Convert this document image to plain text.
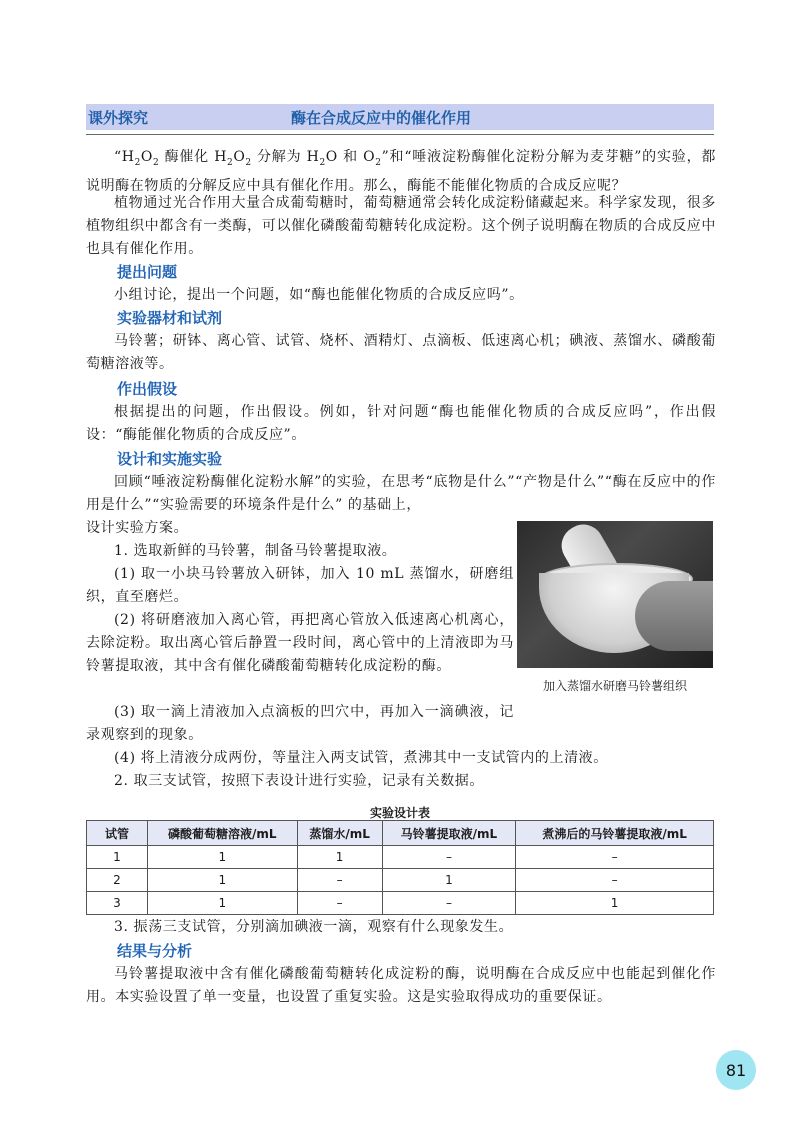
课外探究	酶在合成反应中的催化作用
“$H_2O_2$ 酶催化 $H_2O_2$ 分解为 $H_2O$ 和 $O_2$”和“唾液淀粉酶催化淀粉分解为麦芽糖”的实验，都说明酶在物质的分解反应中具有催化作用。那么，酶能不能催化物质的合成反应呢？
植物通过光合作用大量合成葡萄糖时，葡萄糖通常会转化成淀粉储藏起来。科学家发现，很多植物组织中都含有一类酶，可以催化磷酸葡萄糖转化成淀粉。这个例子说明酶在物质的合成反应中也具有催化作用。
提出问题
小组讨论，提出一个问题，如“酶也能催化物质的合成反应吗”。
实验器材和试剂
马铃薯；研钵、离心管、试管、烧杯、酒精灯、点滴板、低速离心机；碘液、蒸馏水、磷酸葡萄糖溶液等。
作出假设
根据提出的问题，作出假设。例如，针对问题“酶也能催化物质的合成反应吗”，作出假设：“酶能催化物质的合成反应”。
设计和实施实验
回顾“唾液淀粉酶催化淀粉水解”的实验，在思考“底物是什么”“产物是什么”“酶在反应中的作用是什么”“实验需要的环境条件是什么” 的基础上，
设计实验方案。
1. 选取新鲜的马铃薯，制备马铃薯提取液。
(1) 取一小块马铃薯放入研钵，加入 10 mL 蒸馏水，研磨组织，直至磨烂。
(2) 将研磨液加入离心管，再把离心管放入低速离心机离心，去除淀粉。取出离心管后静置一段时间，离心管中的上清液即为马铃薯提取液，其中含有催化磷酸葡萄糖转化成淀粉的酶。
(3) 取一滴上清液加入点滴板的凹穴中，再加入一滴碘液，记录观察到的现象。
(4) 将上清液分成两份，等量注入两支试管，煮沸其中一支试管内的上清液。
2. 取三支试管，按照下表设计进行实验，记录有关数据。
加入蒸馏水研磨马铃薯组织
实验设计表
试管	磷酸葡萄糖溶液/mL	蒸馏水/mL	马铃薯提取液/mL	煮沸后的马铃薯提取液/mL
1	1	1	–	–
2	1	–	1	–
3	1	–	–	1
3. 振荡三支试管，分别滴加碘液一滴，观察有什么现象发生。
结果与分析
马铃薯提取液中含有催化磷酸葡萄糖转化成淀粉的酶，说明酶在合成反应中也能起到催化作用。本实验设置了单一变量，也设置了重复实验。这是实验取得成功的重要保证。
81
